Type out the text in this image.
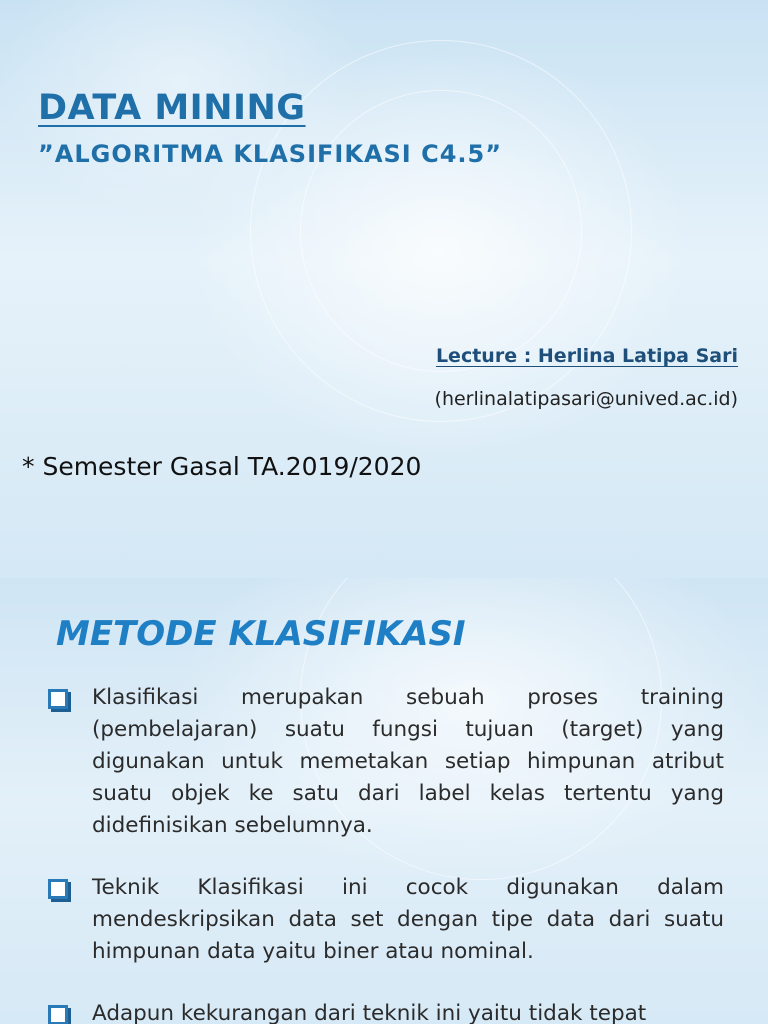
DATA MINING
”ALGORITMA KLASIFIKASI C4.5”
Lecture : Herlina Latipa Sari
(herlinalatipasari@unived.ac.id)
* Semester Gasal TA.2019/2020
METODE KLASIFIKASI
Klasifikasi merupakan sebuah proses training (pembelajaran) suatu fungsi tujuan (target) yang digunakan untuk memetakan setiap himpunan atribut suatu objek ke satu dari label kelas tertentu yang didefinisikan sebelumnya.
Teknik Klasifikasi ini cocok digunakan dalam mendeskripsikan data set dengan tipe data dari suatu himpunan data yaitu biner atau nominal.
Adapun kekurangan dari teknik ini yaitu tidak tepat
